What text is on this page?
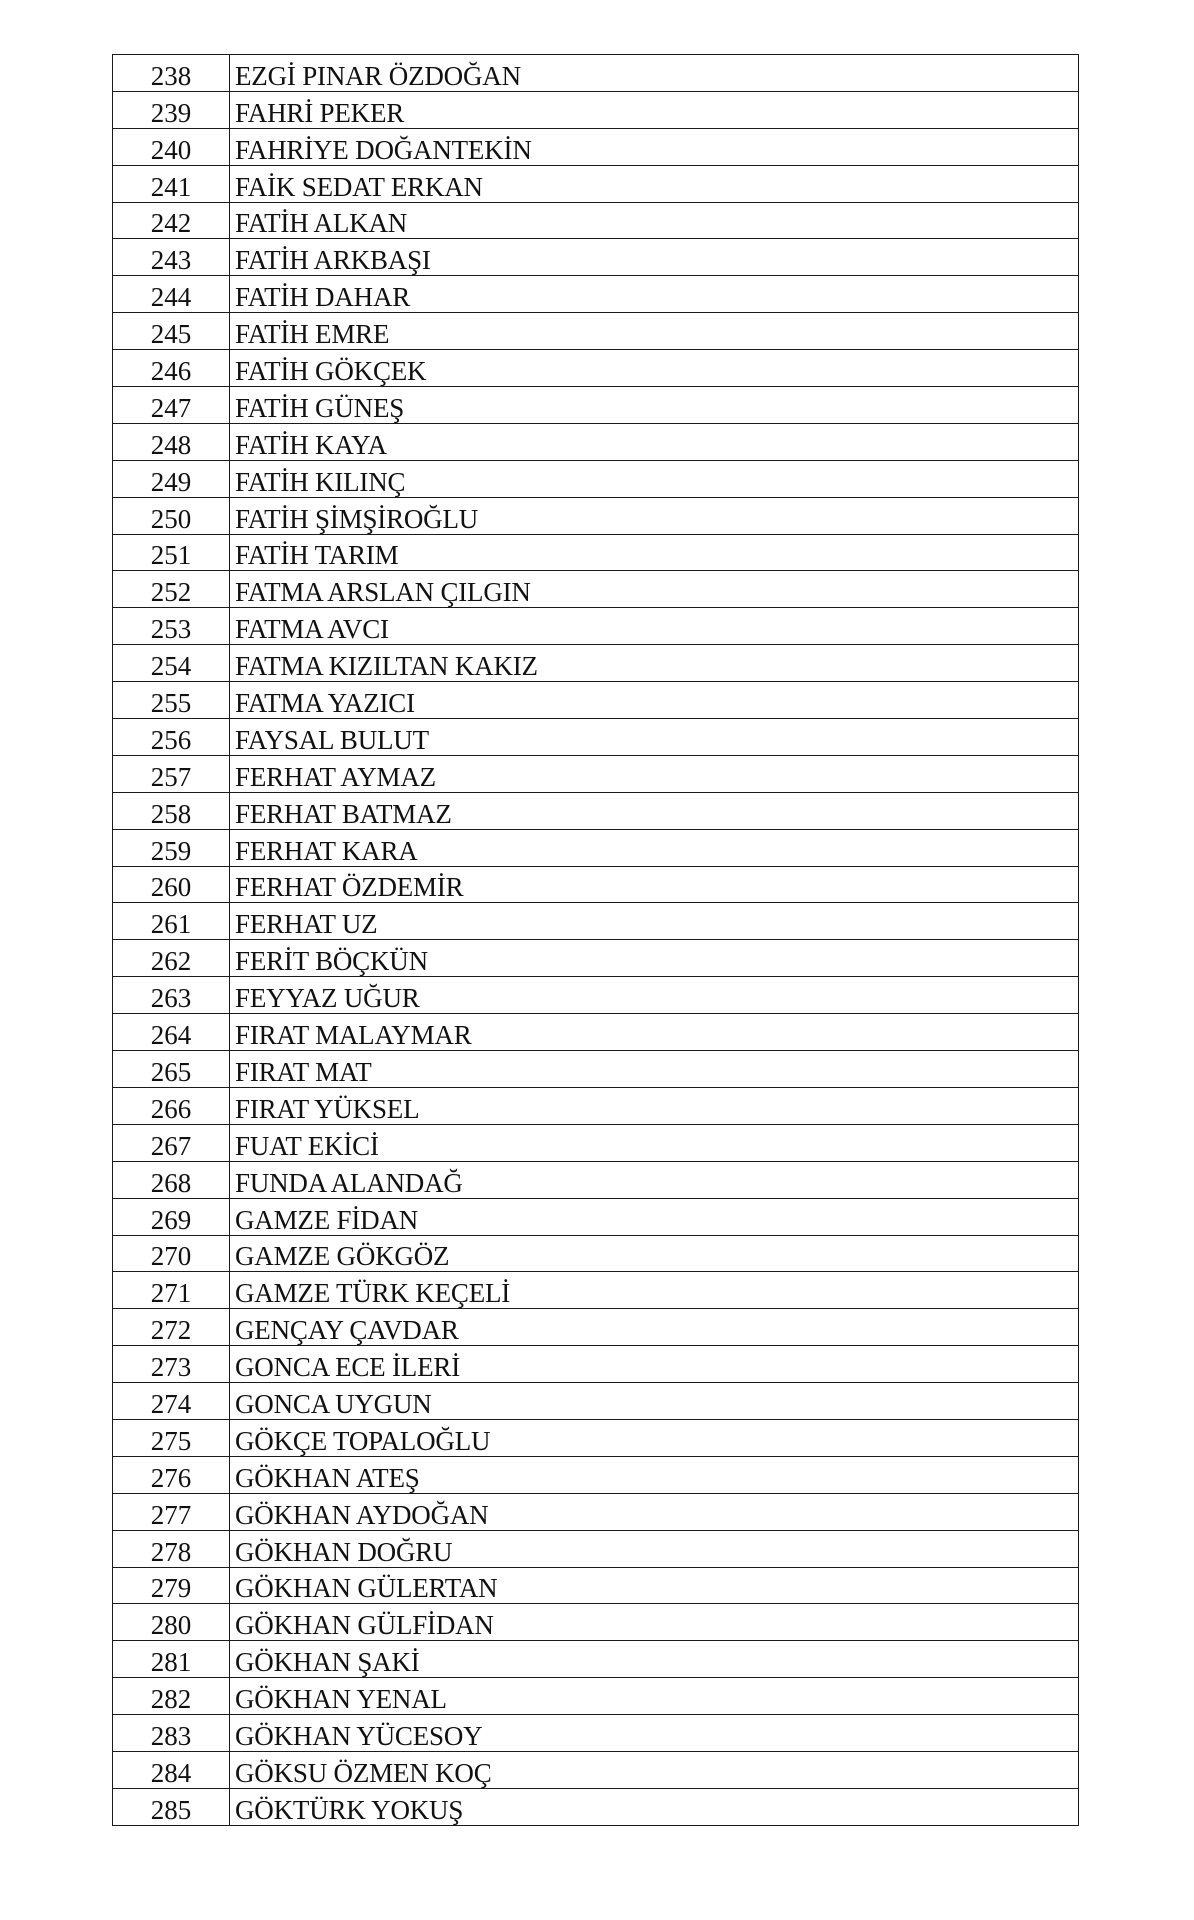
238	EZGİ PINAR ÖZDOĞAN
239	FAHRİ PEKER
240	FAHRİYE DOĞANTEKİN
241	FAİK SEDAT ERKAN
242	FATİH ALKAN
243	FATİH ARKBAŞI
244	FATİH DAHAR
245	FATİH EMRE
246	FATİH GÖKÇEK
247	FATİH GÜNEŞ
248	FATİH KAYA
249	FATİH KILINÇ
250	FATİH ŞİMŞİROĞLU
251	FATİH TARIM
252	FATMA ARSLAN ÇILGIN
253	FATMA AVCI
254	FATMA KIZILTAN KAKIZ
255	FATMA YAZICI
256	FAYSAL BULUT
257	FERHAT AYMAZ
258	FERHAT BATMAZ
259	FERHAT KARA
260	FERHAT ÖZDEMİR
261	FERHAT UZ
262	FERİT BÖÇKÜN
263	FEYYAZ UĞUR
264	FIRAT MALAYMAR
265	FIRAT MAT
266	FIRAT YÜKSEL
267	FUAT EKİCİ
268	FUNDA ALANDAĞ
269	GAMZE FİDAN
270	GAMZE GÖKGÖZ
271	GAMZE TÜRK KEÇELİ
272	GENÇAY ÇAVDAR
273	GONCA ECE İLERİ
274	GONCA UYGUN
275	GÖKÇE TOPALOĞLU
276	GÖKHAN ATEŞ
277	GÖKHAN AYDOĞAN
278	GÖKHAN DOĞRU
279	GÖKHAN GÜLERTAN
280	GÖKHAN GÜLFİDAN
281	GÖKHAN ŞAKİ
282	GÖKHAN YENAL
283	GÖKHAN YÜCESOY
284	GÖKSU ÖZMEN KOÇ
285	GÖKTÜRK YOKUŞ
